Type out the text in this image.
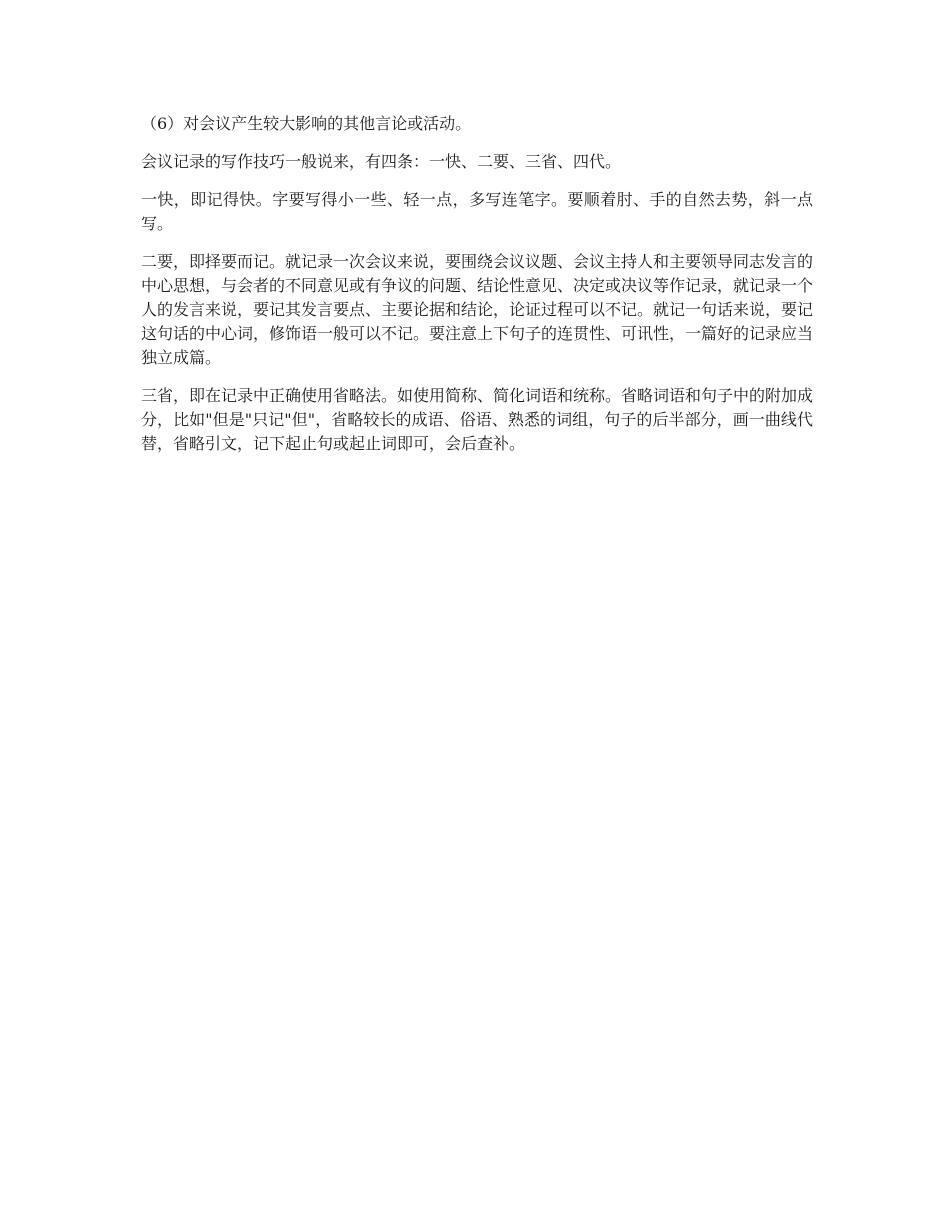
（6）对会议产生较大影响的其他言论或活动。

会议记录的写作技巧一般说来，有四条：一快、二要、三省、四代。

一快，即记得快。字要写得小一些、轻一点，多写连笔字。要顺着肘、手的自然去势，斜一点写。

二要，即择要而记。就记录一次会议来说，要围绕会议议题、会议主持人和主要领导同志发言的中心思想，与会者的不同意见或有争议的问题、结论性意见、决定或决议等作记录，就记录一个人的发言来说，要记其发言要点、主要论据和结论，论证过程可以不记。就记一句话来说，要记这句话的中心词，修饰语一般可以不记。要注意上下句子的连贯性、可讯性，一篇好的记录应当独立成篇。

三省，即在记录中正确使用省略法。如使用简称、简化词语和统称。省略词语和句子中的附加成分，比如"但是"只记"但"，省略较长的成语、俗语、熟悉的词组，句子的后半部分，画一曲线代替，省略引文，记下起止句或起止词即可，会后查补。
